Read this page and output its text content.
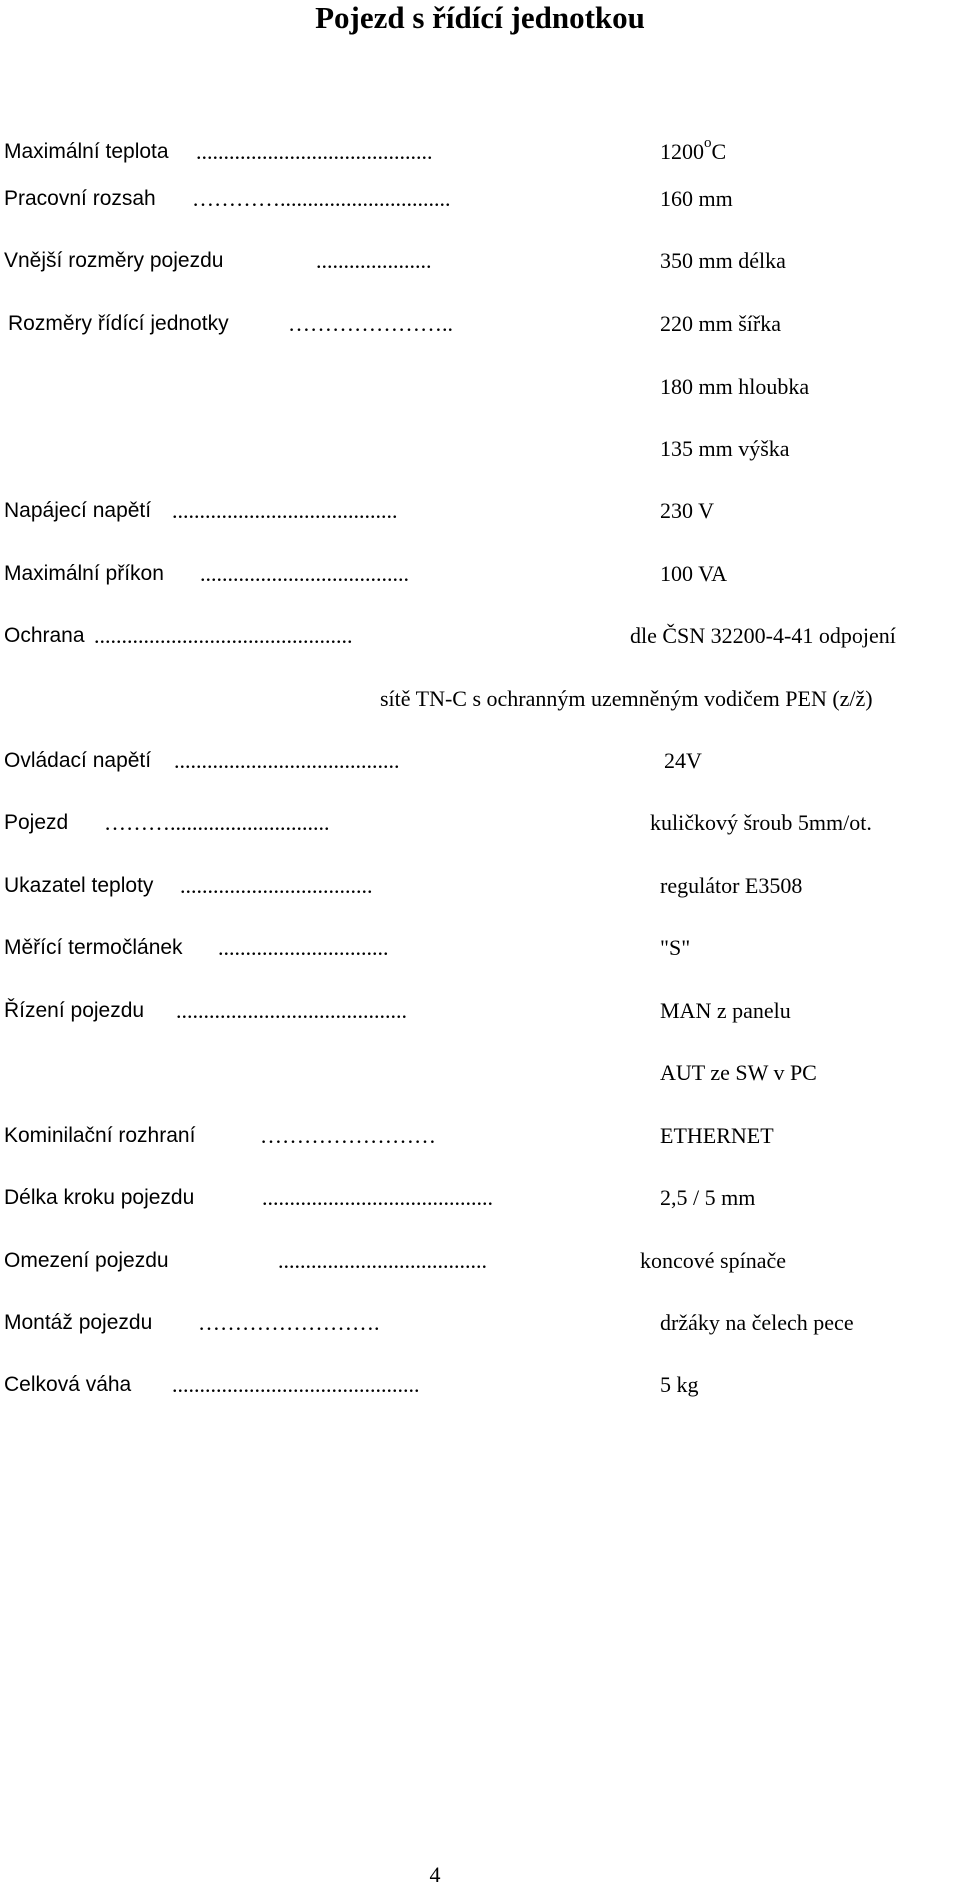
Pojezd s řídící jednotkou
Maximální teplota ...........................................	1200$^o$C
Pracovní rozsah …………...............................	160 mm
Vnější rozměry pojezdu	.....................	350 mm délka
Rozměry řídící jednotky	…………………..	220 mm šířka
180 mm hloubka
135 mm výška
Napájecí napětí .........................................	230 V
Maximální příkon ......................................	100 VA
Ochrana ...............................................	dle ČSN 32200-4-41 odpojení
sítě TN-C s ochranným uzemněným vodičem PEN (z/ž)
Ovládací napětí .........................................	24V
Pojezd ……….............................	kuličkový šroub 5mm/ot.
Ukazatel teploty ...................................	regulátor E3508
Měřící termočlánek ...............................	"S"
Řízení pojezdu ..........................................	MAN z panelu
AUT ze SW v PC
Kominilační rozhraní	……………………	ETHERNET
Délka kroku pojezdu	..........................................	2,5 / 5 mm
Omezení pojezdu	......................................	koncové spínače
Montáž pojezdu …………………….	držáky na čelech pece
Celková váha .............................................	5 kg
4
